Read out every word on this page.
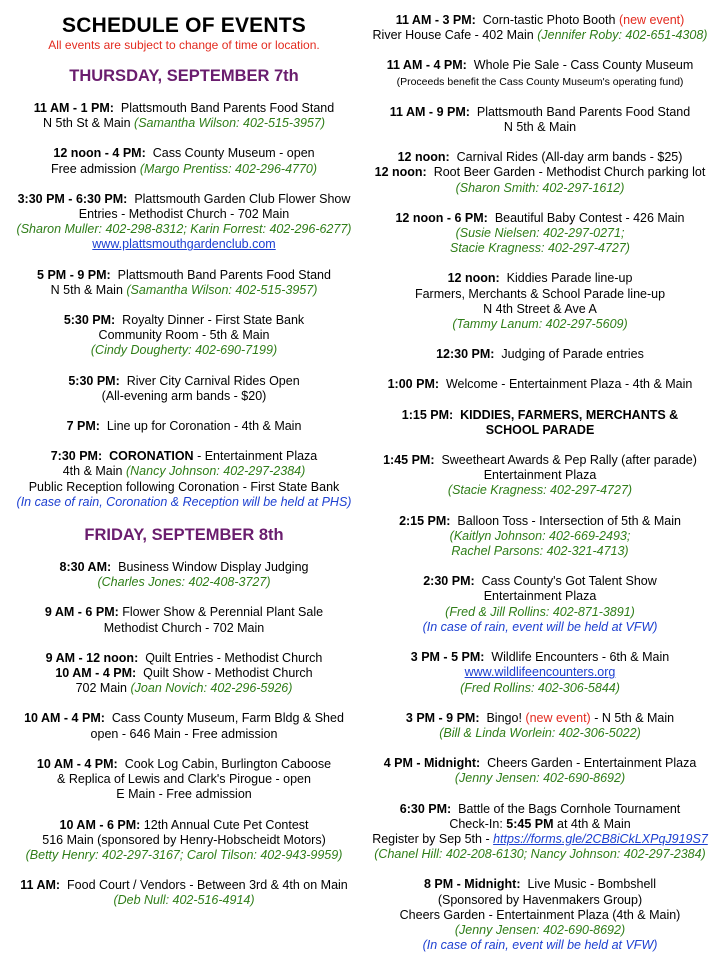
SCHEDULE OF EVENTS
All events are subject to change of time or location.
THURSDAY, SEPTEMBER 7th
11 AM - 1 PM: Plattsmouth Band Parents Food Stand
N 5th St & Main (Samantha Wilson: 402-515-3957)
12 noon - 4 PM: Cass County Museum - open
Free admission (Margo Prentiss: 402-296-4770)
3:30 PM - 6:30 PM: Plattsmouth Garden Club Flower Show
Entries - Methodist Church - 702 Main
(Sharon Muller: 402-298-8312; Karin Forrest: 402-296-6277)
www.plattsmouthgardenclub.com
5 PM - 9 PM: Plattsmouth Band Parents Food Stand
N 5th & Main (Samantha Wilson: 402-515-3957)
5:30 PM: Royalty Dinner - First State Bank
Community Room - 5th & Main
(Cindy Dougherty: 402-690-7199)
5:30 PM: River City Carnival Rides Open
(All-evening arm bands - $20)
7 PM: Line up for Coronation - 4th & Main
7:30 PM: CORONATION - Entertainment Plaza
4th & Main (Nancy Johnson: 402-297-2384)
Public Reception following Coronation - First State Bank
(In case of rain, Coronation & Reception will be held at PHS)
FRIDAY, SEPTEMBER 8th
8:30 AM: Business Window Display Judging
(Charles Jones: 402-408-3727)
9 AM - 6 PM: Flower Show & Perennial Plant Sale
Methodist Church - 702 Main
9 AM - 12 noon: Quilt Entries - Methodist Church
10 AM - 4 PM: Quilt Show - Methodist Church
702 Main (Joan Novich: 402-296-5926)
10 AM - 4 PM: Cass County Museum, Farm Bldg & Shed
open - 646 Main - Free admission
10 AM - 4 PM: Cook Log Cabin, Burlington Caboose
& Replica of Lewis and Clark's Pirogue - open
E Main - Free admission
10 AM - 6 PM: 12th Annual Cute Pet Contest
516 Main (sponsored by Henry-Hobscheidt Motors)
(Betty Henry: 402-297-3167; Carol Tilson: 402-943-9959)
11 AM: Food Court / Vendors - Between 3rd & 4th on Main
(Deb Null: 402-516-4914)
11 AM - 3 PM: Corn-tastic Photo Booth (new event)
River House Cafe - 402 Main (Jennifer Roby: 402-651-4308)
11 AM - 4 PM: Whole Pie Sale - Cass County Museum
(Proceeds benefit the Cass County Museum's operating fund)
11 AM - 9 PM: Plattsmouth Band Parents Food Stand
N 5th & Main
12 noon: Carnival Rides (All-day arm bands - $25)
12 noon: Root Beer Garden - Methodist Church parking lot
(Sharon Smith: 402-297-1612)
12 noon - 6 PM: Beautiful Baby Contest - 426 Main
(Susie Nielsen: 402-297-0271;
Stacie Kragness: 402-297-4727)
12 noon: Kiddies Parade line-up
Farmers, Merchants & School Parade line-up
N 4th Street & Ave A
(Tammy Lanum: 402-297-5609)
12:30 PM: Judging of Parade entries
1:00 PM: Welcome - Entertainment Plaza - 4th & Main
1:15 PM: KIDDIES, FARMERS, MERCHANTS &
SCHOOL PARADE
1:45 PM: Sweetheart Awards & Pep Rally (after parade)
Entertainment Plaza
(Stacie Kragness: 402-297-4727)
2:15 PM: Balloon Toss - Intersection of 5th & Main
(Kaitlyn Johnson: 402-669-2493;
Rachel Parsons: 402-321-4713)
2:30 PM: Cass County's Got Talent Show
Entertainment Plaza
(Fred & Jill Rollins: 402-871-3891)
(In case of rain, event will be held at VFW)
3 PM - 5 PM: Wildlife Encounters - 6th & Main
www.wildlifeencounters.org
(Fred Rollins: 402-306-5844)
3 PM - 9 PM: Bingo! (new event) - N 5th & Main
(Bill & Linda Worlein: 402-306-5022)
4 PM - Midnight: Cheers Garden - Entertainment Plaza
(Jenny Jensen: 402-690-8692)
6:30 PM: Battle of the Bags Cornhole Tournament
Check-In: 5:45 PM at 4th & Main
Register by Sep 5th - https://forms.gle/2CB8iCkLXPqJ919S7
(Chanel Hill: 402-208-6130; Nancy Johnson: 402-297-2384)
8 PM - Midnight: Live Music - Bombshell
(Sponsored by Havenmakers Group)
Cheers Garden - Entertainment Plaza (4th & Main)
(Jenny Jensen: 402-690-8692)
(In case of rain, event will be held at VFW)
